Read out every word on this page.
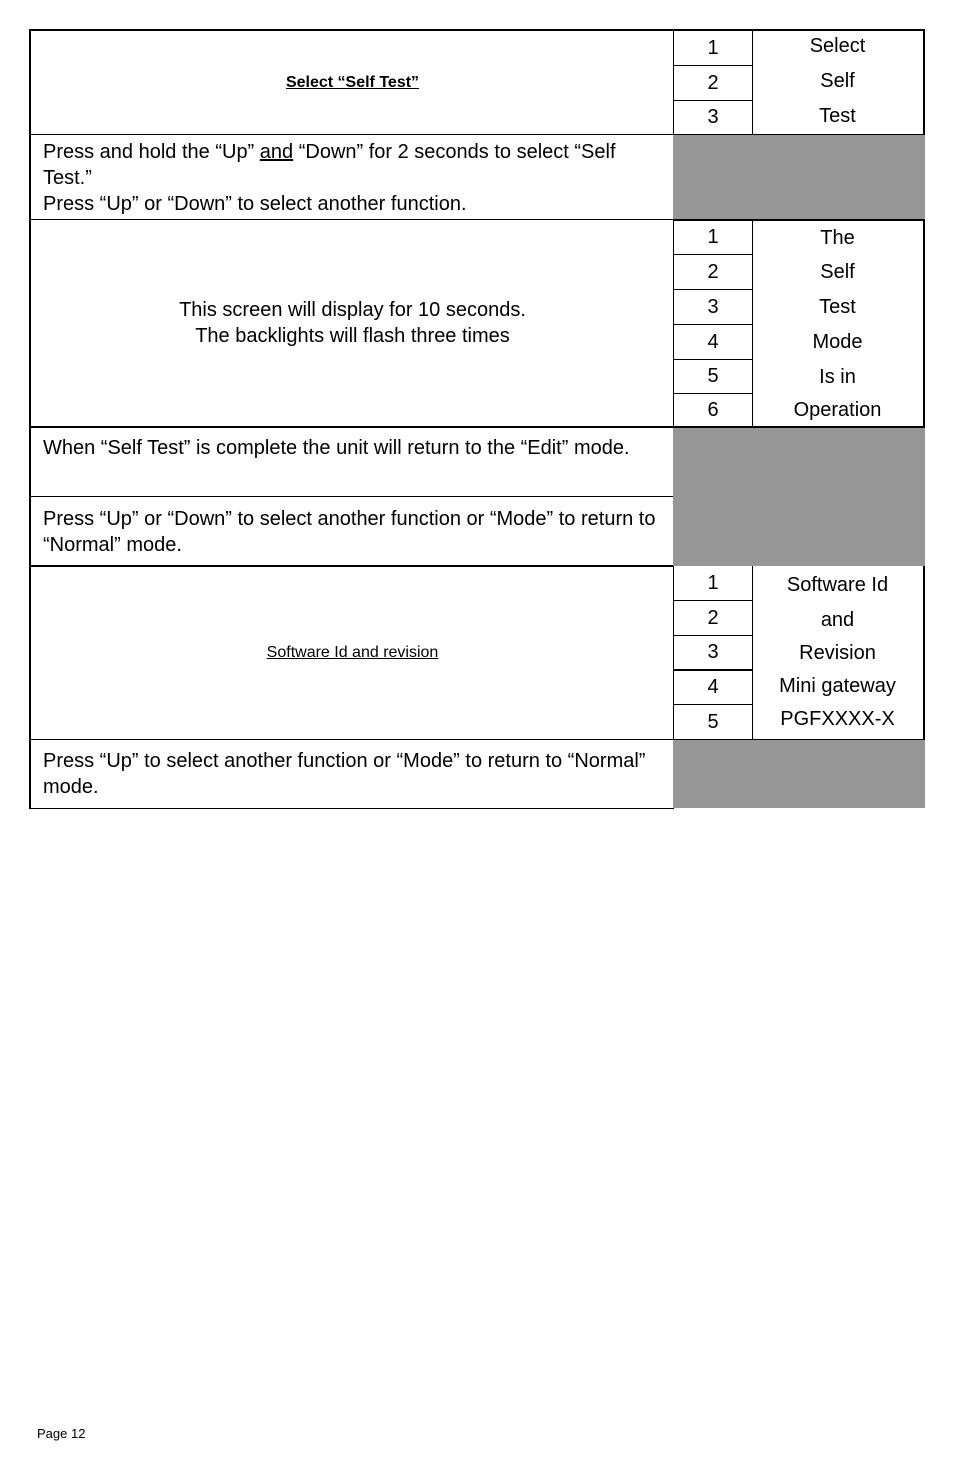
Select “Self Test”
1
2
3
Select
Self
Test
Press and hold the “Up” and “Down” for 2 seconds to select “Self Test.”
Press “Up” or “Down” to select another function.
This screen will display for 10 seconds.
The backlights will flash three times
1
2
3
4
5
6
The
Self
Test
Mode
Is in
Operation
When “Self Test” is complete the unit will return to the “Edit” mode.
Press “Up” or “Down” to select another function or “Mode” to return to “Normal” mode.
Software Id and revision
1
2
3
4
5
Software Id
and
Revision
Mini gateway
PGFXXXX-X
Press “Up” to select another function or “Mode” to return to “Normal” mode.
Page 12
